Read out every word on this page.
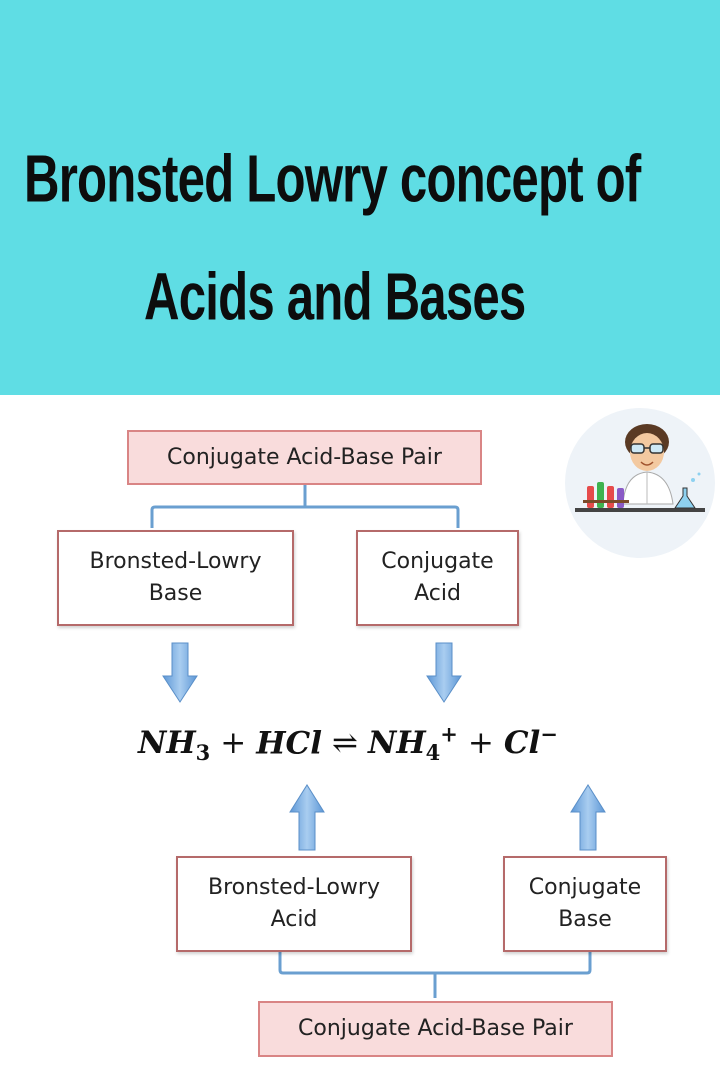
Bronsted Lowry concept of
Acids and Bases
Conjugate Acid-Base Pair
Bronsted-Lowry
Base
Conjugate
Acid
$NH_3$ + HCl ⇌ $NH_4^+ + Cl^-$
Bronsted-Lowry
Acid
Conjugate
Base
Conjugate Acid-Base Pair
